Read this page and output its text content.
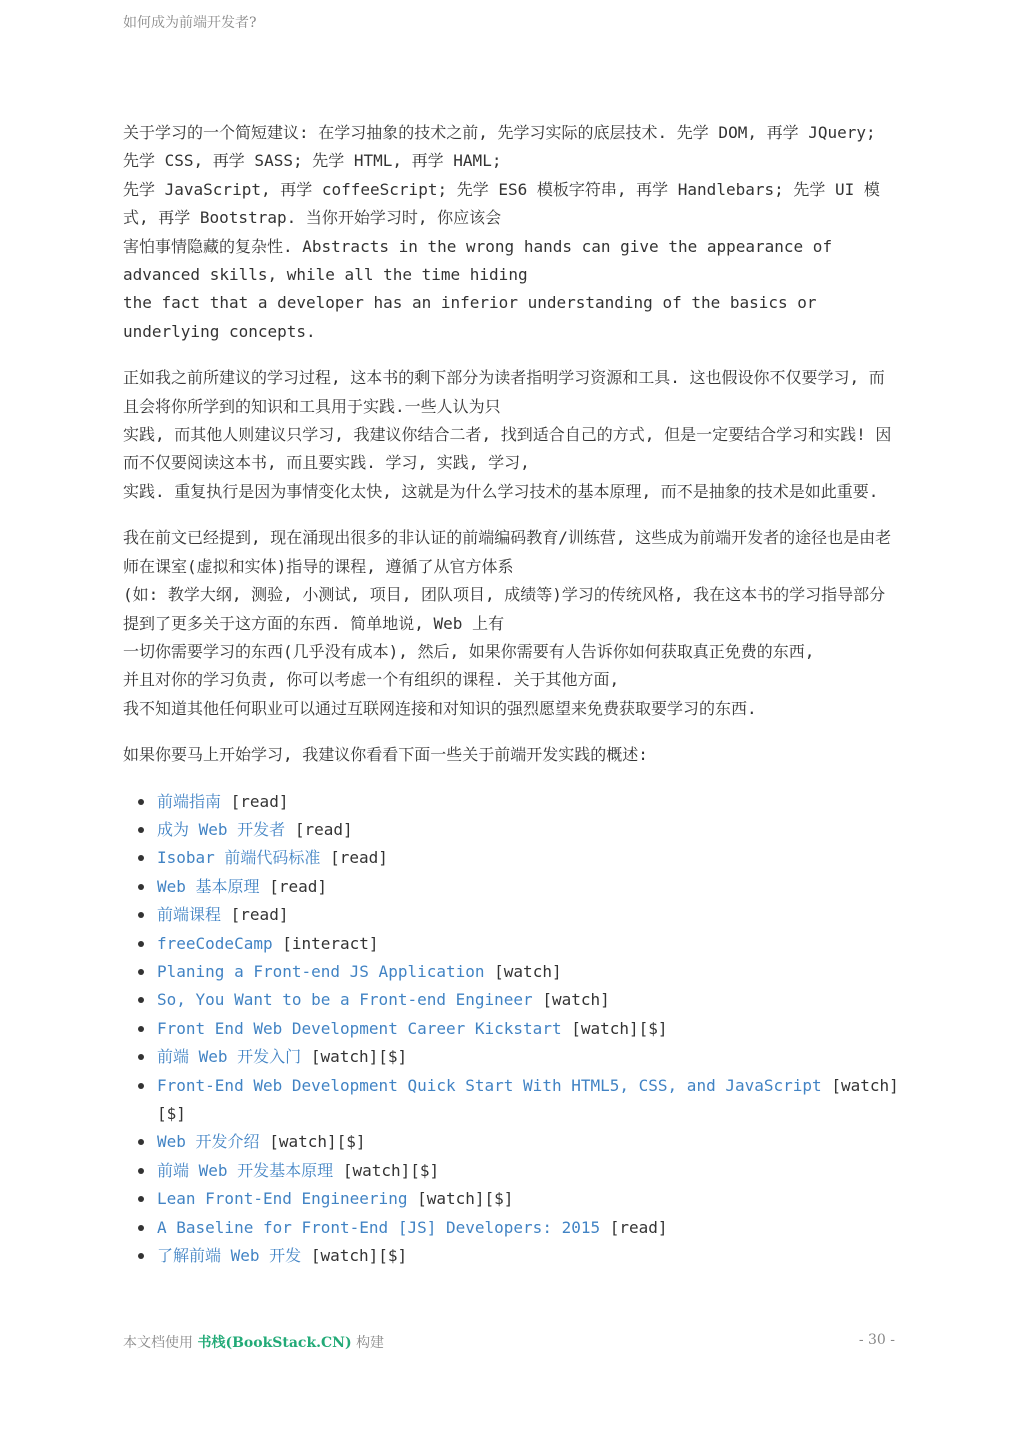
如何成为前端开发者?

关于学习的一个简短建议: 在学习抽象的技术之前, 先学习实际的底层技术. 先学 DOM, 再学 JQuery; 先学 CSS, 再学 SASS; 先学 HTML, 再学 HAML;
先学 JavaScript, 再学 coffeeScript; 先学 ES6 模板字符串, 再学 Handlebars; 先学 UI 模式, 再学 Bootstrap. 当你开始学习时, 你应该会
害怕事情隐藏的复杂性. Abstracts in the wrong hands can give the appearance of advanced skills, while all the time hiding
the fact that a developer has an inferior understanding of the basics or underlying concepts.

正如我之前所建议的学习过程, 这本书的剩下部分为读者指明学习资源和工具. 这也假设你不仅要学习, 而且会将你所学到的知识和工具用于实践.一些人认为只
实践, 而其他人则建议只学习, 我建议你结合二者, 找到适合自己的方式, 但是一定要结合学习和实践! 因而不仅要阅读这本书, 而且要实践. 学习, 实践, 学习,
实践. 重复执行是因为事情变化太快, 这就是为什么学习技术的基本原理, 而不是抽象的技术是如此重要.

我在前文已经提到, 现在涌现出很多的非认证的前端编码教育/训练营, 这些成为前端开发者的途径也是由老师在课室(虚拟和实体)指导的课程, 遵循了从官方体系
(如: 教学大纲, 测验, 小测试, 项目, 团队项目, 成绩等)学习的传统风格, 我在这本书的学习指导部分提到了更多关于这方面的东西. 简单地说, Web 上有
一切你需要学习的东西(几乎没有成本), 然后, 如果你需要有人告诉你如何获取真正免费的东西,
并且对你的学习负责, 你可以考虑一个有组织的课程. 关于其他方面,
我不知道其他任何职业可以通过互联网连接和对知识的强烈愿望来免费获取要学习的东西.

如果你要马上开始学习, 我建议你看看下面一些关于前端开发实践的概述:

前端指南 [read]
成为 Web 开发者 [read]
Isobar 前端代码标准 [read]
Web 基本原理 [read]
前端课程 [read]
freeCodeCamp [interact]
Planing a Front-end JS Application [watch]
So, You Want to be a Front-end Engineer [watch]
Front End Web Development Career Kickstart [watch][$]
前端 Web 开发入门 [watch][$]
Front-End Web Development Quick Start With HTML5, CSS, and JavaScript [watch][$]
Web 开发介绍 [watch][$]
前端 Web 开发基本原理 [watch][$]
Lean Front-End Engineering [watch][$]
A Baseline for Front-End [JS] Developers: 2015 [read]
了解前端 Web 开发 [watch][$]
本文档使用 书栈(BookStack.CN) 构建	- 30 -
